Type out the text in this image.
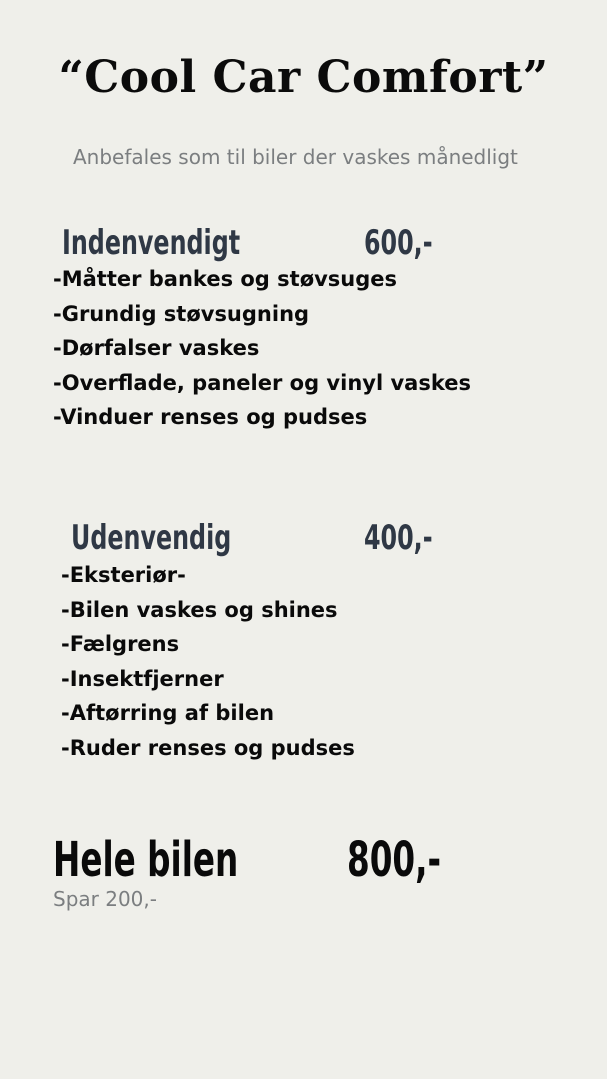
“Cool Car Comfort”
Anbefales som til biler der vaskes månedligt
Indenvendigt	600,-
-Måtter bankes og støvsuges
-Grundig støvsugning
-Dørfalser vaskes
-Overflade, paneler og vinyl vaskes
-Vinduer renses og pudses
Udenvendig	400,-
-Eksteriør-
-Bilen vaskes og shines
-Fælgrens
-Insektfjerner
-Aftørring af bilen
-Ruder renses og pudses
Hele bilen 800,-
Spar 200,-
